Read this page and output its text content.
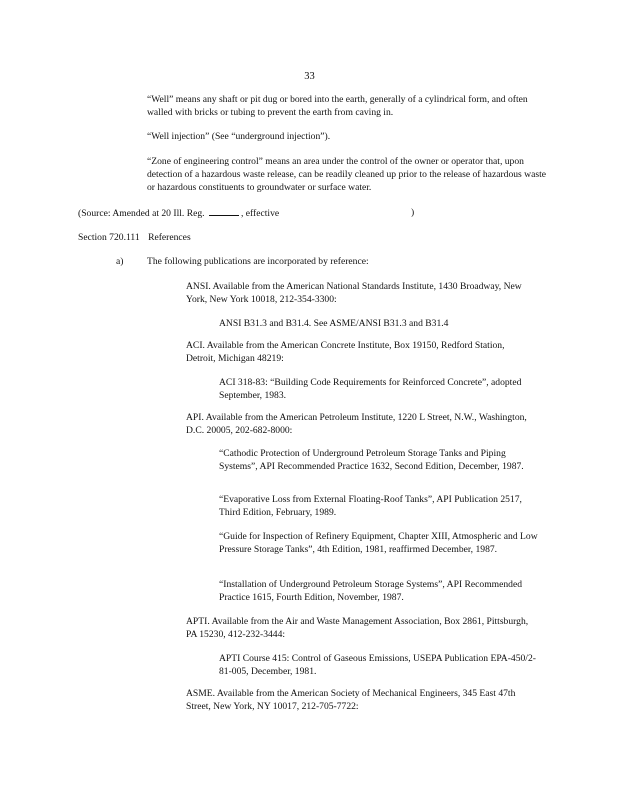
33

“Well” means any shaft or pit dug or bored into the earth, generally of a cylindrical form, and often walled with bricks or tubing to prevent the earth from caving in.

“Well injection” (See “underground injection”).

“Zone of engineering control” means an area under the control of the owner or operator that, upon detection of a hazardous waste release, can be readily cleaned up prior to the release of hazardous waste or hazardous constituents to groundwater or surface water.

(Source: Amended at 20 Ill. Reg.	, effective	)

Section 720.111 References

a) The following publications are incorporated by reference:

ANSI. Available from the American National Standards Institute, 1430 Broadway, New York, New York 10018, 212-354-3300:

ANSI B31.3 and B31.4. See ASME/ANSI B31.3 and B31.4

ACI. Available from the American Concrete Institute, Box 19150, Redford Station, Detroit, Michigan 48219:

ACI 318-83: “Building Code Requirements for Reinforced Concrete”, adopted September, 1983.

API. Available from the American Petroleum Institute, 1220 L Street, N.W., Washington, D.C. 20005, 202-682-8000:

“Cathodic Protection of Underground Petroleum Storage Tanks and Piping Systems”, API Recommended Practice 1632, Second Edition, December, 1987.

“Evaporative Loss from External Floating-Roof Tanks”, API Publication 2517, Third Edition, February, 1989.

“Guide for Inspection of Refinery Equipment, Chapter XIII, Atmospheric and Low Pressure Storage Tanks”, 4th Edition, 1981, reaffirmed December, 1987.

“Installation of Underground Petroleum Storage Systems”, API Recommended Practice 1615, Fourth Edition, November, 1987.

APTI. Available from the Air and Waste Management Association, Box 2861, Pittsburgh, PA 15230, 412-232-3444:

APTI Course 415: Control of Gaseous Emissions, USEPA Publication EPA-450/2-81-005, December, 1981.

ASME. Available from the American Society of Mechanical Engineers, 345 East 47th Street, New York, NY 10017, 212-705-7722:
